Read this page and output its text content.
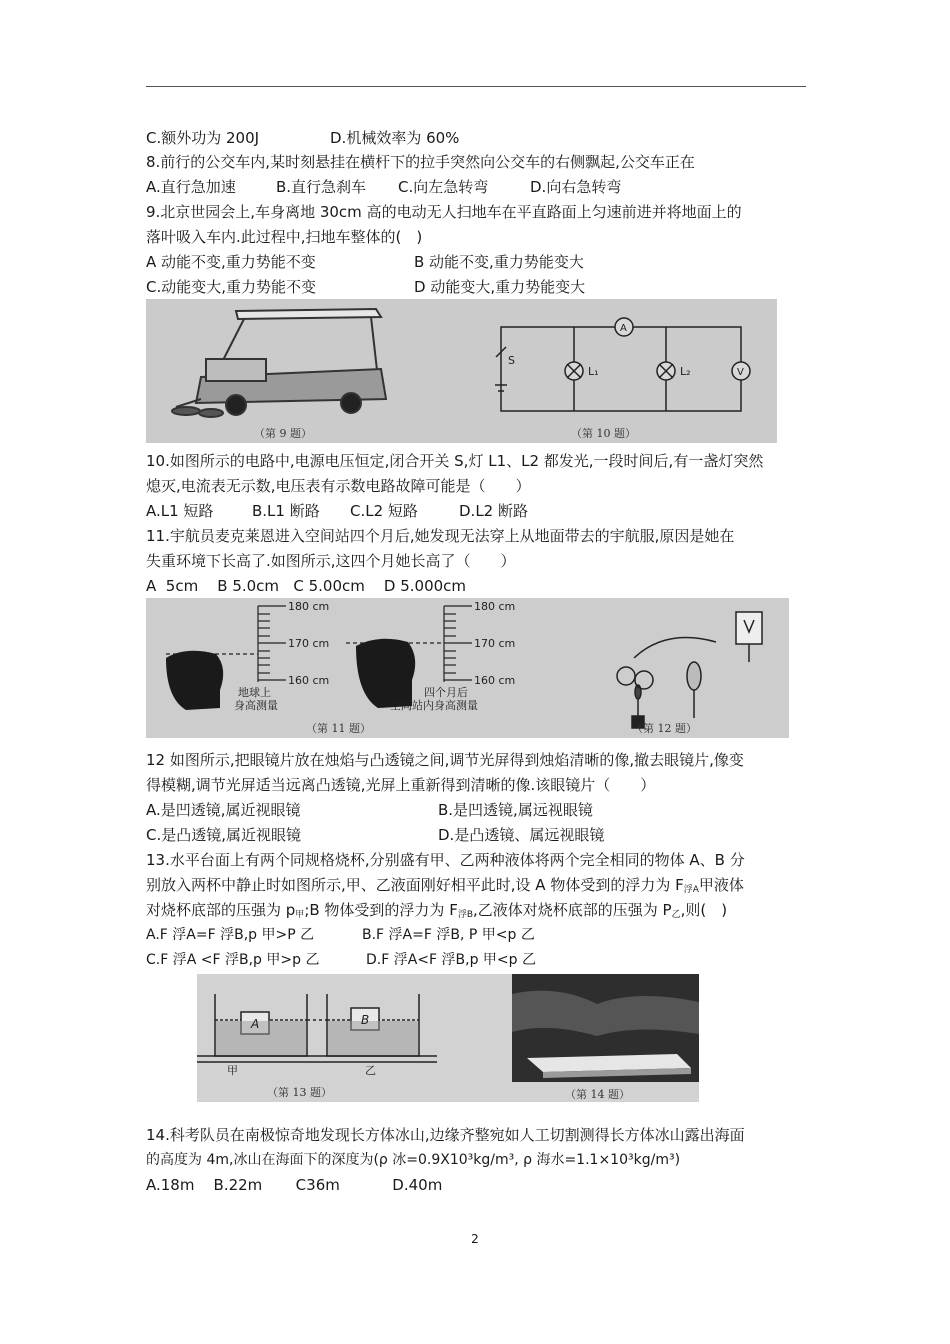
C.额外功为 200J	D.机械效率为 60%
8.前行的公交车内,某时刻悬挂在横杆下的拉手突然向公交车的右侧飘起,公交车正在
A.直行急加速	B.直行急刹车 C.向左急转弯	D.向右急转弯
9.北京世园会上,车身离地 30cm 高的电动无人扫地车在平直路面上匀速前进并将地面上的
落叶吸入车内.此过程中,扫地车整体的(　)
A 动能不变,重力势能不变	B 动能不变,重力势能变大
C.动能变大,重力势能不变	D 动能变大,重力势能变大
（第 9 题）
A
V
S
L₁	L₂
（第 10 题）
10.如图所示的电路中,电源电压恒定,闭合开关 S,灯 L1、L2 都发光,一段时间后,有一盏灯突然
熄灭,电流表无示数,电压表有示数电路故障可能是（　　）
A.L1 短路	B.L1 断路 C.L2 短路	D.L2 断路
11.宇航员麦克莱恩进入空间站四个月后,她发现无法穿上从地面带去的宇航服,原因是她在
失重环境下长高了.如图所示,这四个月她长高了（　　）
A  5cm    B 5.0cm   C 5.00cm    D 5.000cm
180 cm
170 cm
160 cm
180 cm
170 cm
160 cm
地球上
身高测量
四个月后
空间站内身高测量
（第 11 题）	（第 12 题）
12 如图所示,把眼镜片放在烛焰与凸透镜之间,调节光屏得到烛焰清晰的像,撤去眼镜片,像变
得模糊,调节光屏适当远离凸透镜,光屏上重新得到清晰的像.该眼镜片（　　）
A.是凹透镜,属近视眼镜	B.是凹透镜,属远视眼镜
C.是凸透镜,属近视眼镜	D.是凸透镜、属远视眼镜
13.水平台面上有两个同规格烧杯,分别盛有甲、乙两种液体将两个完全相同的物体 A、B 分
别放入两杯中静止时如图所示,甲、乙液面刚好相平此时,设 A 物体受到的浮力为 F浮A甲液体
对烧杯底部的压强为 p甲;B 物体受到的浮力为 F浮B,乙液体对烧杯底部的压强为 P乙,则(　)
A.F 浮A=F 浮B,p 甲>P 乙	B.F 浮A=F 浮B, P 甲<p 乙
C.F 浮A <F 浮B,p 甲>p 乙	D.F 浮A<F 浮B,p 甲<p 乙
A	B
甲	乙
（第 13 题）	（第 14 题）
14.科考队员在南极惊奇地发现长方体冰山,边缘齐整宛如人工切割测得长方体冰山露出海面
的高度为 4m,冰山在海面下的深度为(ρ 冰=0.9X10³kg/m³, ρ 海水=1.1×10³kg/m³)
A.18m    B.22m       C36m           D.40m
2
